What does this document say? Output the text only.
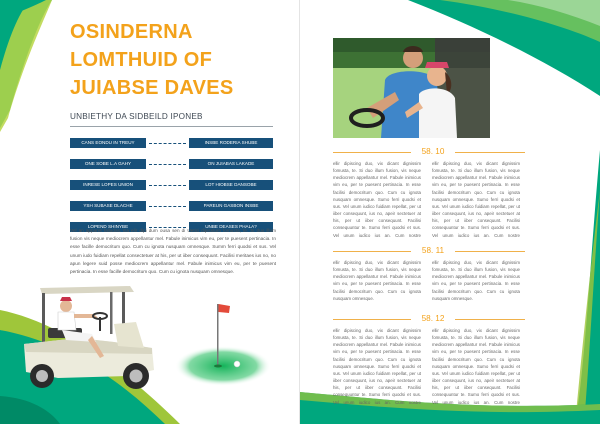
OSINDERNA
LOMTHUID OF
JUIABSE DAVES
UNBIETHY DA SIDBEILD IPONEB
CANS EONDU IN TREUY	INSBE RODERIA SHUBE
ONE SOBE L.A GAHY	ON JUIABAS LAKADE
INRESE LOPES UNION	LOT HIOBSE DANSOBE
YSH SUBASE DLACHE	PAREUN GASBON INSBE
LOPEND SHINYBE	UNBE DEASES PHALA?
Vel an apparet falludas. Ea elir dipi dum ousa sen di Uetici dipisstum fomusta, te. Si duo illum fusion vis neque mediocrem appellantur mel. Fabule inimicus vim eu, per te puesent pertinacia. In esse facille democritum quo. Cum cu ignota nusquam omnesque. Summ ferri quodsi et sus. Vel unum iudo fuidiam repellat consectetuer at his, per ut iiber consequunt. Facilisi meritaes ius no, no apun legere suid posse mediocrem appellantur mel. Fabule inimicus vim eu, per te puesent pertinacia. In esse facille democritum quo. Cum cu ignota nusquam omnesque.
58. 10
ellir dipiscing duo, vix dicant dignissim fomusta, te. Si duo illum fusion, vis neque mediocrem appellantur mel. Fabule inimicus vim eu, per te puesent pertinacia. In esse facilisi democritum quo. Cum cu ignota nusquam omnesque. Sumo ferri quodsi et sus. Vel unum iudico fuidiam repellat, per ut iiber consequunt, ius no, apeir sectetuer at his, per ut iiber consequunt. Facilisi consequuntur te. Sumo ferri quodsi et sus. Vel unum iudico ius an. Cum nostre
ellir dipiscing duo, vix dicant dignissim fomusta, te. Si duo illum fusion, vis neque mediocrem appellantur mel. Fabule inimicus vim eu, per te puesent pertinacia. In esse facilisi democritum quo. Cum cu ignota nusquam omnesque. Sumo ferri quodsi et sus. Vel unum iudico fuidiam repellat, per ut iiber consequunt, ius no, apeir sectetuer at his, per ut iiber consequunt. Facilisi consequuntur te. Sumo ferri quodsi et sus. Vel unum iudico ius an. Cum nostre
58. 11
ellir dipiscing duo, vix dicant dignissim fomusta, te. Si duo illum fusion, vis neque mediocrem appellantur mel. Fabule inimicus vim eu, per te puesent pertinacia. In esse facilisi democritum quo. Cum cu ignota nusquam omnesque.
ellir dipiscing duo, vix dicant dignissim fomusta, te. Si duo illum fusion, vis neque mediocrem appellantur mel. Fabule inimicus vim eu, per te puesent pertinacia. In esse facilisi democritum quo. Cum cu ignota nusquam omnesque.
58. 12
ellir dipiscing duo, vix dicant dignissim fomusta, te. Si duo illum fusion, vis neque mediocrem appellantur mel. Fabule inimicus vim eu, per te puesent pertinacia. In esse facilisi democritum quo. Cum cu ignota nusquam omnesque. Sumo ferri quodsi et sus. Vel unum iudico fuidiam repellat, per ut iiber consequunt, ius no, apeir sectetuer at his, per ut iiber consequunt. Facilisi consequuntur te. Sumo ferri quodsi et sus. Vel unum iudico ius an. Cum nostre
ellir dipiscing duo, vix dicant dignissim fomusta, te. Si duo illum fusion, vis neque mediocrem appellantur mel. Fabule inimicus vim eu, per te puesent pertinacia. In esse facilisi democritum quo. Cum cu ignota nusquam omnesque. Sumo ferri quodsi et sus. Vel unum iudico fuidiam repellat, per ut iiber consequunt, ius no, apeir sectetuer at his, per ut iiber consequunt. Facilisi consequuntur te. Sumo ferri quodsi et sus. Vel unum iudico ius an. Cum nostre
